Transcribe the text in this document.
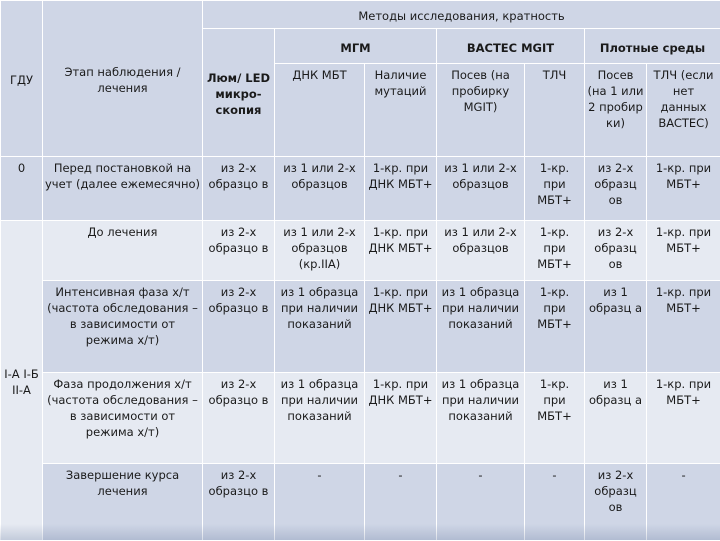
ГДУ	Этап наблюдения / лечения	Методы исследования, кратность						
		Люм/ LED микро-скопия	МГМ		BACTEC MGIT		Плотные среды	
			ДНК МБТ	Наличие мутаций	Посев (на пробирку MGIT)	ТЛЧ	Посев (на 1 или 2 пробир ки)	ТЛЧ (если нет данных BACTEC)
0	Перед постановкой на учет (далее ежемесячно)	из 2-х образцо в	из 1 или 2-х образцов	1-кр. при ДНК МБТ+	из 1 или 2-х образцов	1-кр. при МБТ+	из 2-х образц ов	1-кр. при МБТ+
I-А I-Б II-А	До лечения	из 2-х образцо в	из 1 или 2-х образцов (кр.IIА)	1-кр. при ДНК МБТ+	из 1 или 2-х образцов	1-кр. при МБТ+	из 2-х образц ов	1-кр. при МБТ+
	Интенсивная фаза х/т (частота обследования – в зависимости от режима х/т)	из 2-х образцо в	из 1 образца при наличии показаний	1-кр. при ДНК МБТ+	из 1 образца при наличии показаний	1-кр. при МБТ+	из 1 образц а	1-кр. при МБТ+
	Фаза продолжения х/т (частота обследования – в зависимости от режима х/т)	из 2-х образцо в	из 1 образца при наличии показаний	1-кр. при ДНК МБТ+	из 1 образца при наличии показаний	1-кр. при МБТ+	из 1 образц а	1-кр. при МБТ+
	Завершение курса лечения	из 2-х образцо в	-	-	-	-	из 2-х образц ов	-
